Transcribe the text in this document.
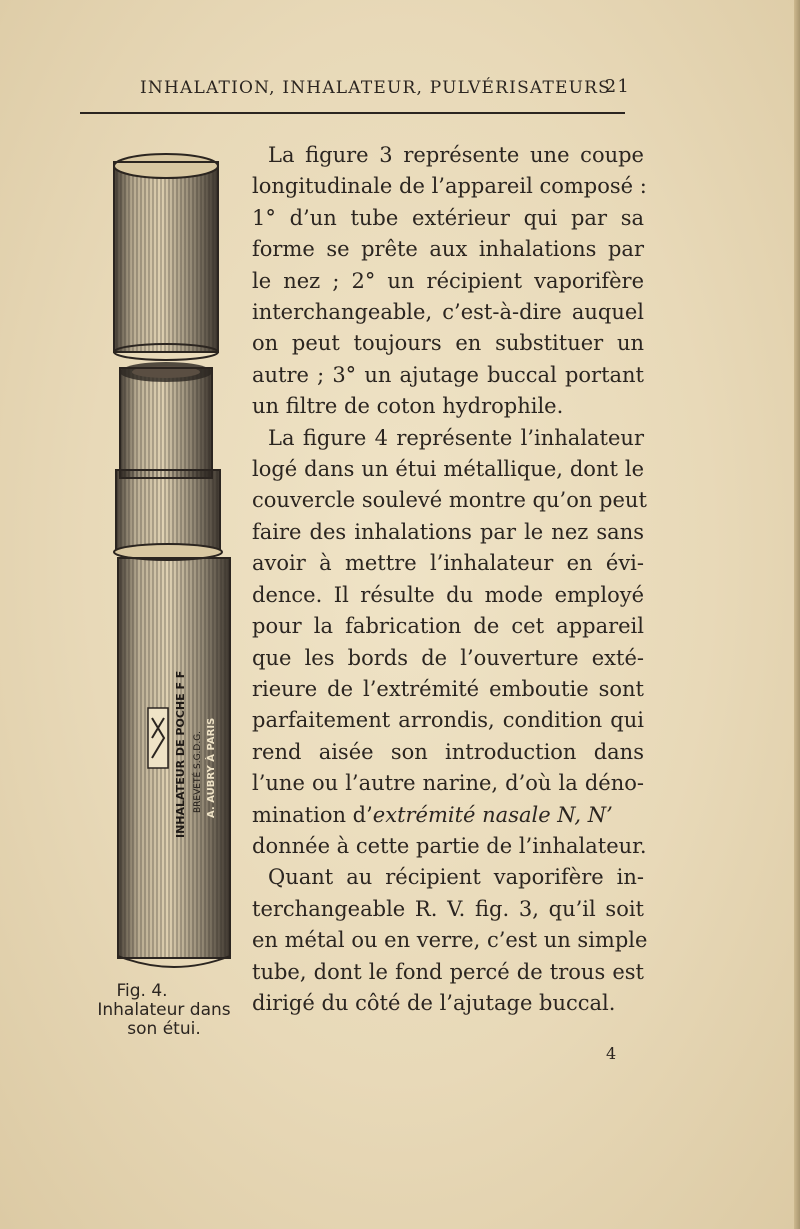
INHALATION, INHALATEUR, PULVÉRISATEURS
21
INHALATEUR DE POCHE F F BREVETÉ S.G.D.G. A. AUBRY À PARIS
Fig. 4.
Inhalateur dans
son étui.

La figure 3 représente une coupe
longitudinale de l’appareil composé :
1° d’un tube extérieur qui par sa
forme se prête aux inhalations par
le nez ; 2° un récipient vaporifère
interchangeable, c’est-à-dire auquel
on peut toujours en substituer un
autre ; 3° un ajutage buccal portant
un filtre de coton hydrophile.

La figure 4 représente l’inhalateur
logé dans un étui métallique, dont le
couvercle soulevé montre qu’on peut
faire des inhalations par le nez sans
avoir à mettre l’inhalateur en évi-
dence. Il résulte du mode employé
pour la fabrication de cet appareil
que les bords de l’ouverture exté-
rieure de l’extrémité emboutie sont
parfaitement arrondis, condition qui
rend aisée son introduction dans
l’une ou l’autre narine, d’où la déno-
mination d’extrémité nasale N, N’
donnée à cette partie de l’inhalateur.

Quant au récipient vaporifère in-
terchangeable R. V. fig. 3, qu’il soit
en métal ou en verre, c’est un simple
tube, dont le fond percé de trous est
dirigé du côté de l’ajutage buccal.

4
